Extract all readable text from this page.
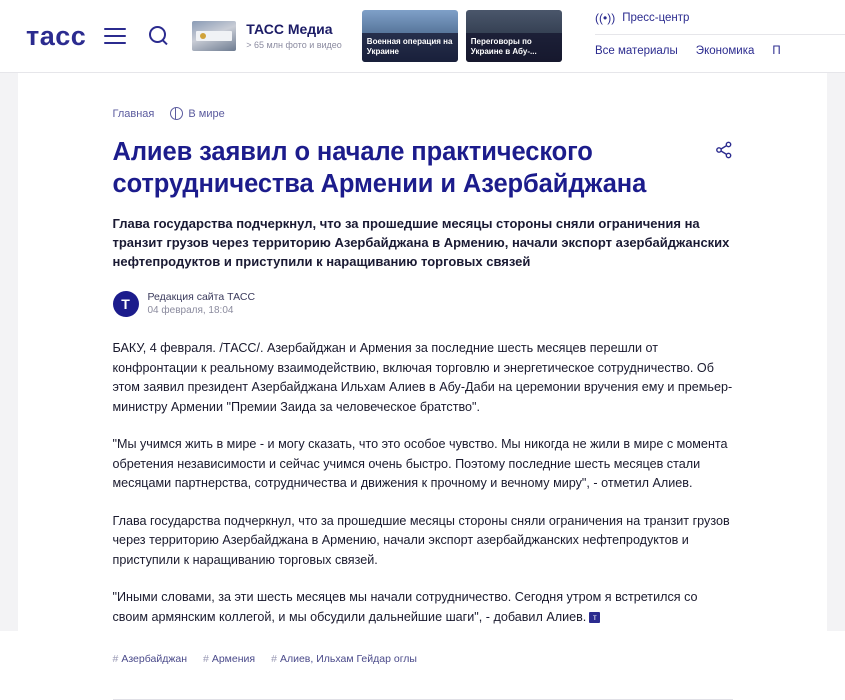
тасс	ТАСС Медиа
> 65 млн фото и видео	Военная операция на Украине
Переговоры по Украине в Абу-...
((•)) Пресс-центр
Все материалы Экономика П
Главная	В мире
Алиев заявил о начале практического сотрудничества Армении и Азербайджана
Глава государства подчеркнул, что за прошедшие месяцы стороны сняли ограничения на транзит грузов через территорию Азербайджана в Армению, начали экспорт азербайджанских нефтепродуктов и приступили к наращиванию торговых связей
Т	Редакция сайта ТАСС
04 февраля, 18:04

БАКУ, 4 февраля. /ТАСС/. Азербайджан и Армения за последние шесть месяцев перешли от конфронтации к реальному взаимодействию, включая торговлю и энергетическое сотрудничество. Об этом заявил президент Азербайджана Ильхам Алиев в Абу-Даби на церемонии вручения ему и премьер-министру Армении "Премии Заида за человеческое братство".

"Мы учимся жить в мире - и могу сказать, что это особое чувство. Мы никогда не жили в мире с момента обретения независимости и сейчас учимся очень быстро. Поэтому последние шесть месяцев стали месяцами партнерства, сотрудничества и движения к прочному и вечному миру", - отметил Алиев.

Глава государства подчеркнул, что за прошедшие месяцы стороны сняли ограничения на транзит грузов через территорию Азербайджана в Армению, начали экспорт азербайджанских нефтепродуктов и приступили к наращиванию торговых связей.

"Иными словами, за эти шесть месяцев мы начали сотрудничество. Сегодня утром я встретился со своим армянским коллегой, и мы обсудили дальнейшие шаги", - добавил Алиев. т

# Азербайджан # Армения # Алиев, Ильхам Гейдар оглы
